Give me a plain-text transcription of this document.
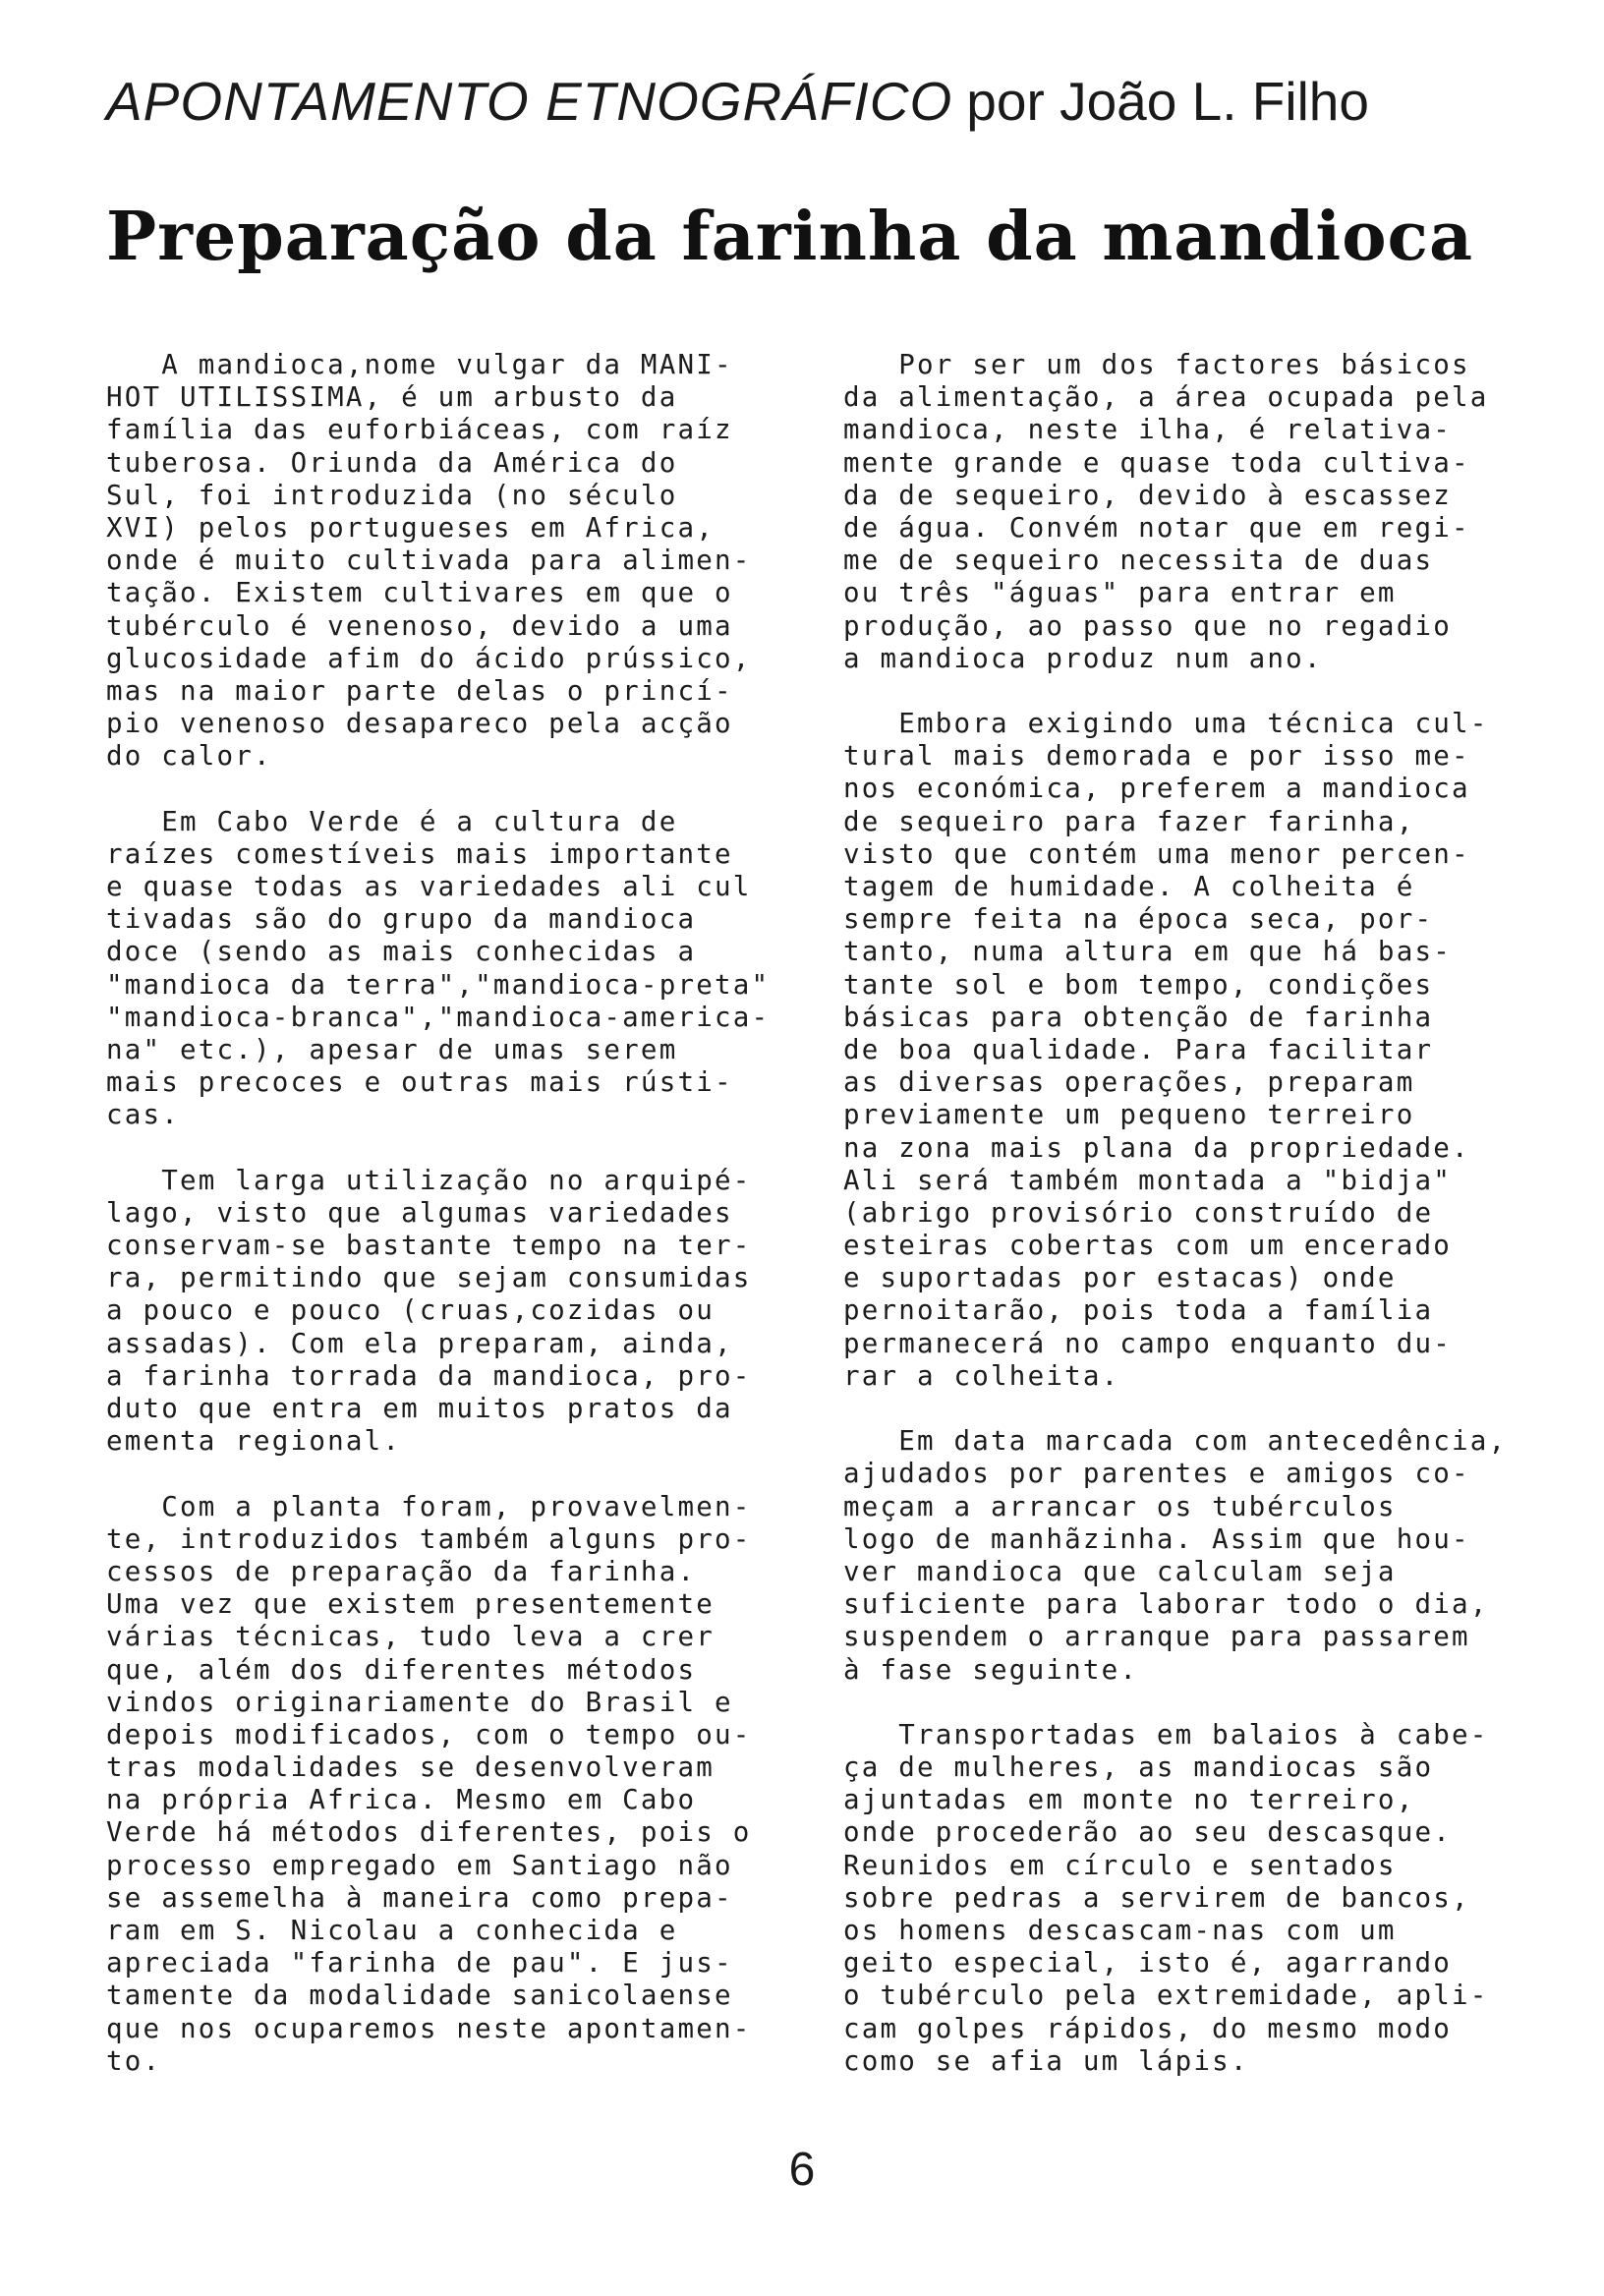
APONTAMENTO ETNOGRÁFICO por João L. Filho
Preparação da farinha da mandioca
A mandioca,nome vulgar da MANI-
HOT UTILISSIMA, é um arbusto da
família das euforbiáceas, com raíz
tuberosa. Oriunda da América do
Sul, foi introduzida (no século
XVI) pelos portugueses em Africa,
onde é muito cultivada para alimen-
tação. Existem cultivares em que o
tubérculo é venenoso, devido a uma
glucosidade afim do ácido prússico,
mas na maior parte delas o princí-
pio venenoso desapareco pela acção
do calor.
Em Cabo Verde é a cultura de
raízes comestíveis mais importante
e quase todas as variedades ali cul
tivadas são do grupo da mandioca
doce (sendo as mais conhecidas a
"mandioca da terra","mandioca-preta"
"mandioca-branca","mandioca-america-
na" etc.), apesar de umas serem
mais precoces e outras mais rústi-
cas.
Tem larga utilização no arquipé-
lago, visto que algumas variedades
conservam-se bastante tempo na ter-
ra, permitindo que sejam consumidas
a pouco e pouco (cruas,cozidas ou
assadas). Com ela preparam, ainda,
a farinha torrada da mandioca, pro-
duto que entra em muitos pratos da
ementa regional.
Com a planta foram, provavelmen-
te, introduzidos também alguns pro-
cessos de preparação da farinha.
Uma vez que existem presentemente
várias técnicas, tudo leva a crer
que, além dos diferentes métodos
vindos originariamente do Brasil e
depois modificados, com o tempo ou-
tras modalidades se desenvolveram
na própria Africa. Mesmo em Cabo
Verde há métodos diferentes, pois o
processo empregado em Santiago não
se assemelha à maneira como prepa-
ram em S. Nicolau a conhecida e
apreciada "farinha de pau". E jus-
tamente da modalidade sanicolaense
que nos ocuparemos neste apontamen-
to.
Por ser um dos factores básicos
da alimentação, a área ocupada pela
mandioca, neste ilha, é relativa-
mente grande e quase toda cultiva-
da de sequeiro, devido à escassez
de água. Convém notar que em regi-
me de sequeiro necessita de duas
ou três "águas" para entrar em
produção, ao passo que no regadio
a mandioca produz num ano.
Embora exigindo uma técnica cul-
tural mais demorada e por isso me-
nos económica, preferem a mandioca
de sequeiro para fazer farinha,
visto que contém uma menor percen-
tagem de humidade. A colheita é
sempre feita na época seca, por-
tanto, numa altura em que há bas-
tante sol e bom tempo, condições
básicas para obtenção de farinha
de boa qualidade. Para facilitar
as diversas operações, preparam
previamente um pequeno terreiro
na zona mais plana da propriedade.
Ali será também montada a "bidja"
(abrigo provisório construído de
esteiras cobertas com um encerado
e suportadas por estacas) onde
pernoitarão, pois toda a família
permanecerá no campo enquanto du-
rar a colheita.
Em data marcada com antecedência,
ajudados por parentes e amigos co-
meçam a arrancar os tubérculos
logo de manhãzinha. Assim que hou-
ver mandioca que calculam seja
suficiente para laborar todo o dia,
suspendem o arranque para passarem
à fase seguinte.
Transportadas em balaios à cabe-
ça de mulheres, as mandiocas são
ajuntadas em monte no terreiro,
onde procederão ao seu descasque.
Reunidos em círculo e sentados
sobre pedras a servirem de bancos,
os homens descascam-nas com um
geito especial, isto é, agarrando
o tubérculo pela extremidade, apli-
cam golpes rápidos, do mesmo modo
como se afia um lápis.
6
